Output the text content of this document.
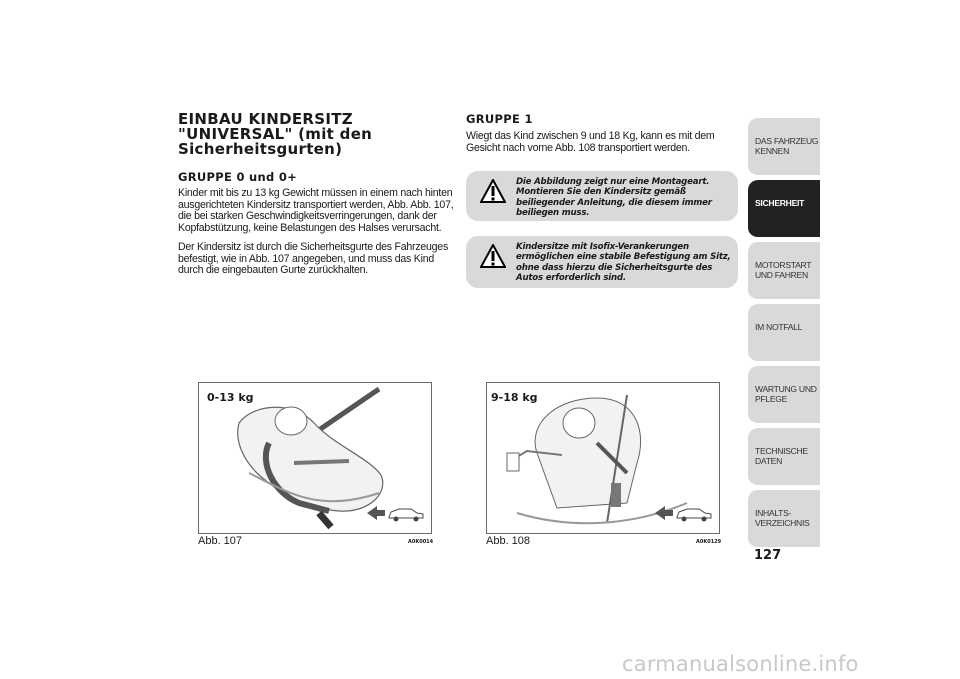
EINBAU KINDERSITZ "UNIVERSAL" (mit den Sicherheitsgurten)
GRUPPE 0 und 0+

Kinder mit bis zu 13 kg Gewicht müssen in einem nach hinten ausgerichteten Kindersitz transportiert werden, Abb. Abb. 107, die bei starken Geschwindigkeitsverringerungen, dank der Kopfabstützung, keine Belastungen des Halses verursacht.

Der Kindersitz ist durch die Sicherheitsgurte des Fahrzeuges befestigt, wie in Abb. 107 angegeben, und muss das Kind durch die eingebauten Gurte zurückhalten.

GRUPPE 1

Wiegt das Kind zwischen 9 und 18 Kg, kann es mit dem Gesicht nach vorne Abb. 108 transportiert werden.

Die Abbildung zeigt nur eine Montageart. Montieren Sie den Kindersitz gemäß beiliegender Anleitung, die diesem immer beiliegen muss.
Kindersitze mit Isofix-Verankerungen ermöglichen eine stabile Befestigung am Sitz, ohne dass hierzu die Sicherheitsgurte des Autos erforderlich sind.
0-13 kg
Abb. 107	A0K0014
9-18 kg
Abb. 108	A0K0129
DAS FAHRZEUG KENNEN
SICHERHEIT
MOTORSTART UND FAHREN
IM NOTFALL
WARTUNG UND PFLEGE
TECHNISCHE DATEN
INHALTS-VERZEICHNIS
127
carmanualsonline.info
